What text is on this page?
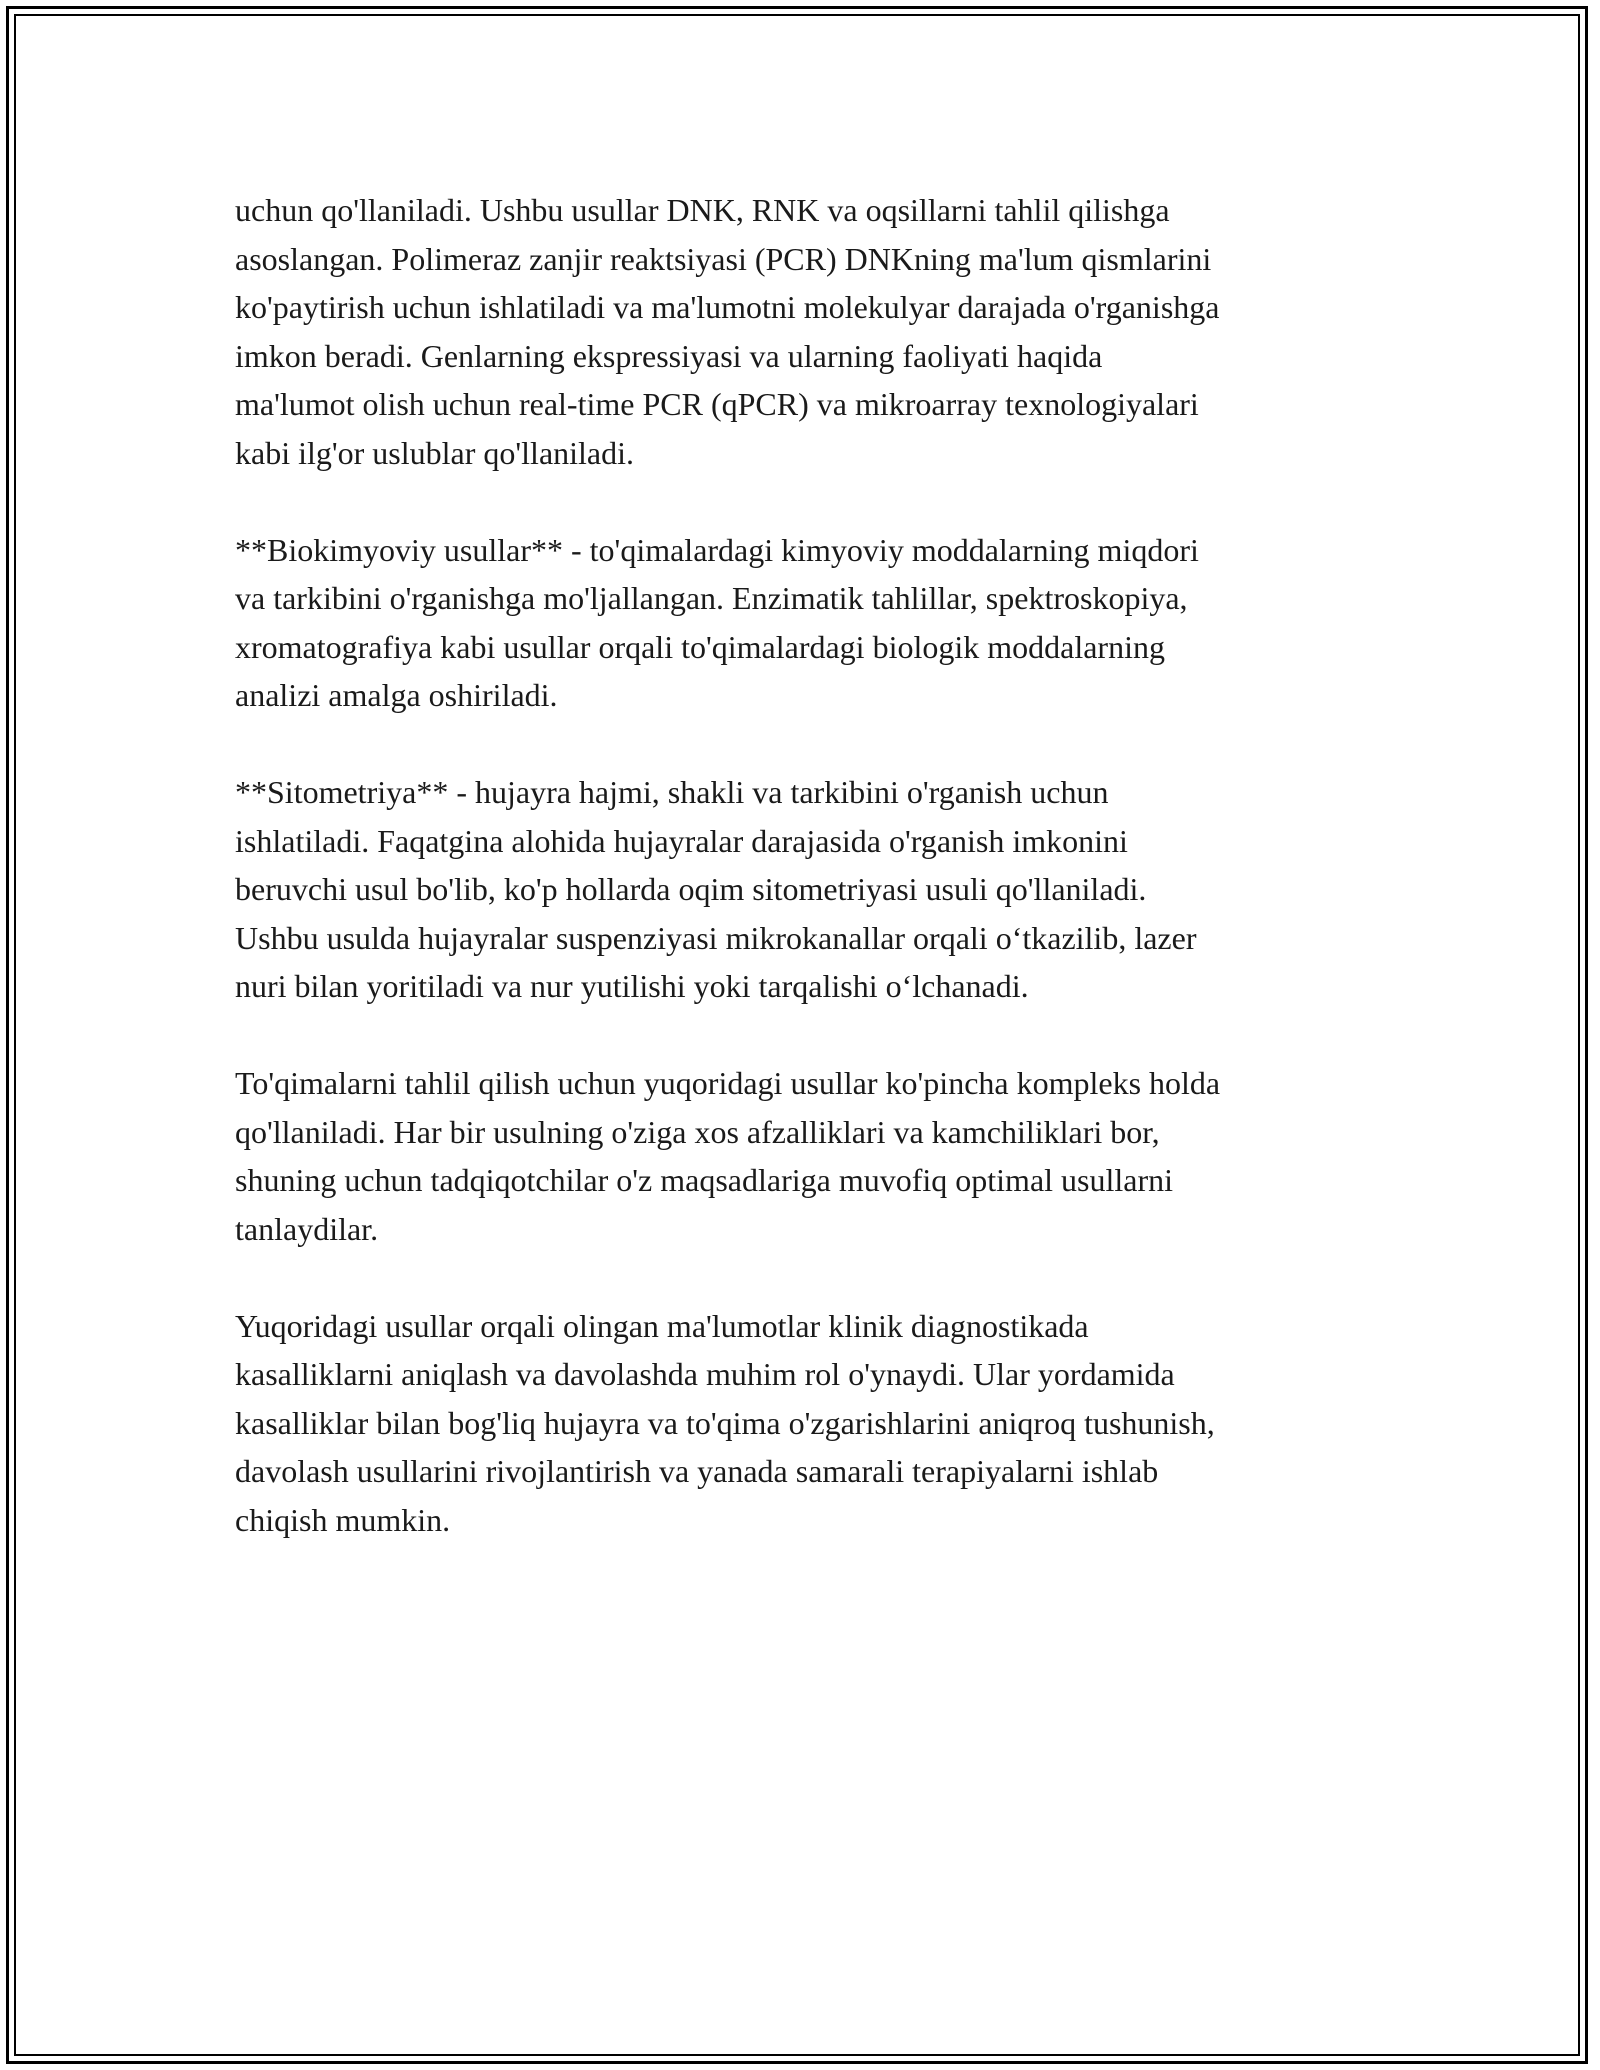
uchun qo'llaniladi. Ushbu usullar DNK, RNK va oqsillarni tahlil qilishga
asoslangan. Polimeraz zanjir reaktsiyasi (PCR) DNKning ma'lum qismlarini
ko'paytirish uchun ishlatiladi va ma'lumotni molekulyar darajada o'rganishga
imkon beradi. Genlarning ekspressiyasi va ularning faoliyati haqida
ma'lumot olish uchun real-time PCR (qPCR) va mikroarray texnologiyalari
kabi ilg'or uslublar qo'llaniladi.

**Biokimyoviy usullar** - to'qimalardagi kimyoviy moddalarning miqdori
va tarkibini o'rganishga mo'ljallangan. Enzimatik tahlillar, spektroskopiya,
xromatografiya kabi usullar orqali to'qimalardagi biologik moddalarning
analizi amalga oshiriladi.

**Sitometriya** - hujayra hajmi, shakli va tarkibini o'rganish uchun
ishlatiladi. Faqatgina alohida hujayralar darajasida o'rganish imkonini
beruvchi usul bo'lib, ko'p hollarda oqim sitometriyasi usuli qo'llaniladi.
Ushbu usulda hujayralar suspenziyasi mikrokanallar orqali o‘tkazilib, lazer
nuri bilan yoritiladi va nur yutilishi yoki tarqalishi o‘lchanadi.

To'qimalarni tahlil qilish uchun yuqoridagi usullar ko'pincha kompleks holda
qo'llaniladi. Har bir usulning o'ziga xos afzalliklari va kamchiliklari bor,
shuning uchun tadqiqotchilar o'z maqsadlariga muvofiq optimal usullarni
tanlaydilar.

Yuqoridagi usullar orqali olingan ma'lumotlar klinik diagnostikada
kasalliklarni aniqlash va davolashda muhim rol o'ynaydi. Ular yordamida
kasalliklar bilan bog'liq hujayra va to'qima o'zgarishlarini aniqroq tushunish,
davolash usullarini rivojlantirish va yanada samarali terapiyalarni ishlab
chiqish mumkin.
